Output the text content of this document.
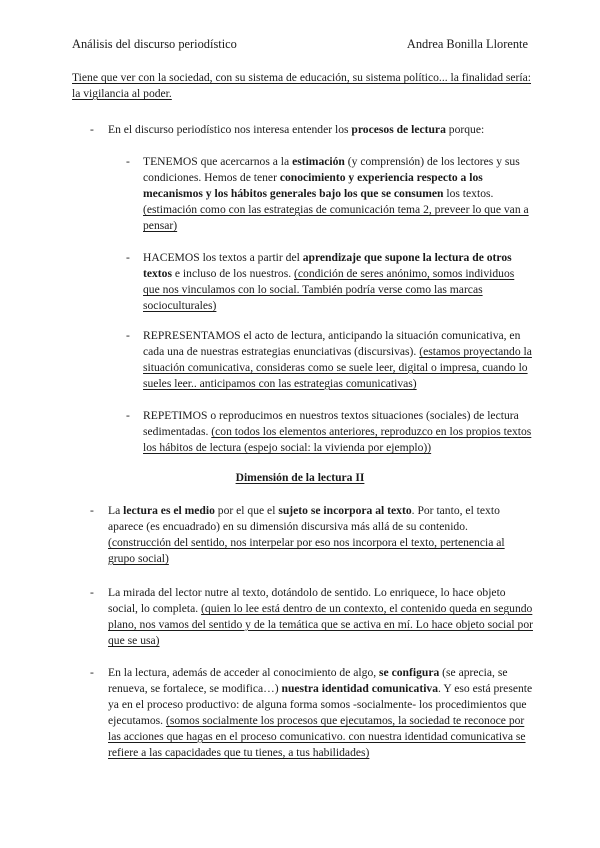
Análisis del discurso periodístico	Andrea Bonilla Llorente

Tiene que ver con la sociedad, con su sistema de educación, su sistema político... la finalidad sería: la vigilancia al poder.

-	En el discurso periodístico nos interesa entender los procesos de lectura porque:

-	TENEMOS que acercarnos a la estimación (y comprensión) de los lectores y sus condiciones. Hemos de tener conocimiento y experiencia respecto a los mecanismos y los hábitos generales bajo los que se consumen los textos. (estimación como con las estrategias de comunicación tema 2, preveer lo que van a pensar)

-	HACEMOS los textos a partir del aprendizaje que supone la lectura de otros textos e incluso de los nuestros. (condición de seres anónimo, somos individuos que nos vinculamos con lo social. También podría verse como las marcas socioculturales)

-	REPRESENTAMOS el acto de lectura, anticipando la situación comunicativa, en cada una de nuestras estrategias enunciativas (discursivas). (estamos proyectando la situación comunicativa, consideras como se suele leer, digital o impresa, cuando lo sueles leer.. anticipamos con las estrategias comunicativas)

-	REPETIMOS o reproducimos en nuestros textos situaciones (sociales) de lectura sedimentadas. (con todos los elementos anteriores, reproduzco en los propios textos los hábitos de lectura (espejo social: la vivienda por ejemplo))

Dimensión de la lectura II
-	La lectura es el medio por el que el sujeto se incorpora al texto. Por tanto, el texto aparece (es encuadrado) en su dimensión discursiva más allá de su contenido. (construcción del sentido, nos interpelar por eso nos incorpora el texto, pertenencia al grupo social)

-	La mirada del lector nutre al texto, dotándolo de sentido. Lo enriquece, lo hace objeto social, lo completa. (quien lo lee está dentro de un contexto, el contenido queda en segundo plano, nos vamos del sentido y de la temática que se activa en mí. Lo hace objeto social por que se usa)

-	En la lectura, además de acceder al conocimiento de algo, se configura (se aprecia, se renueva, se fortalece, se modifica…) nuestra identidad comunicativa. Y eso está presente ya en el proceso productivo: de alguna forma somos -socialmente- los procedimientos que ejecutamos. (somos socialmente los procesos que ejecutamos, la sociedad te reconoce por las acciones que hagas en el proceso comunicativo. con nuestra identidad comunicativa se refiere a las capacidades que tu tienes, a tus habilidades)
